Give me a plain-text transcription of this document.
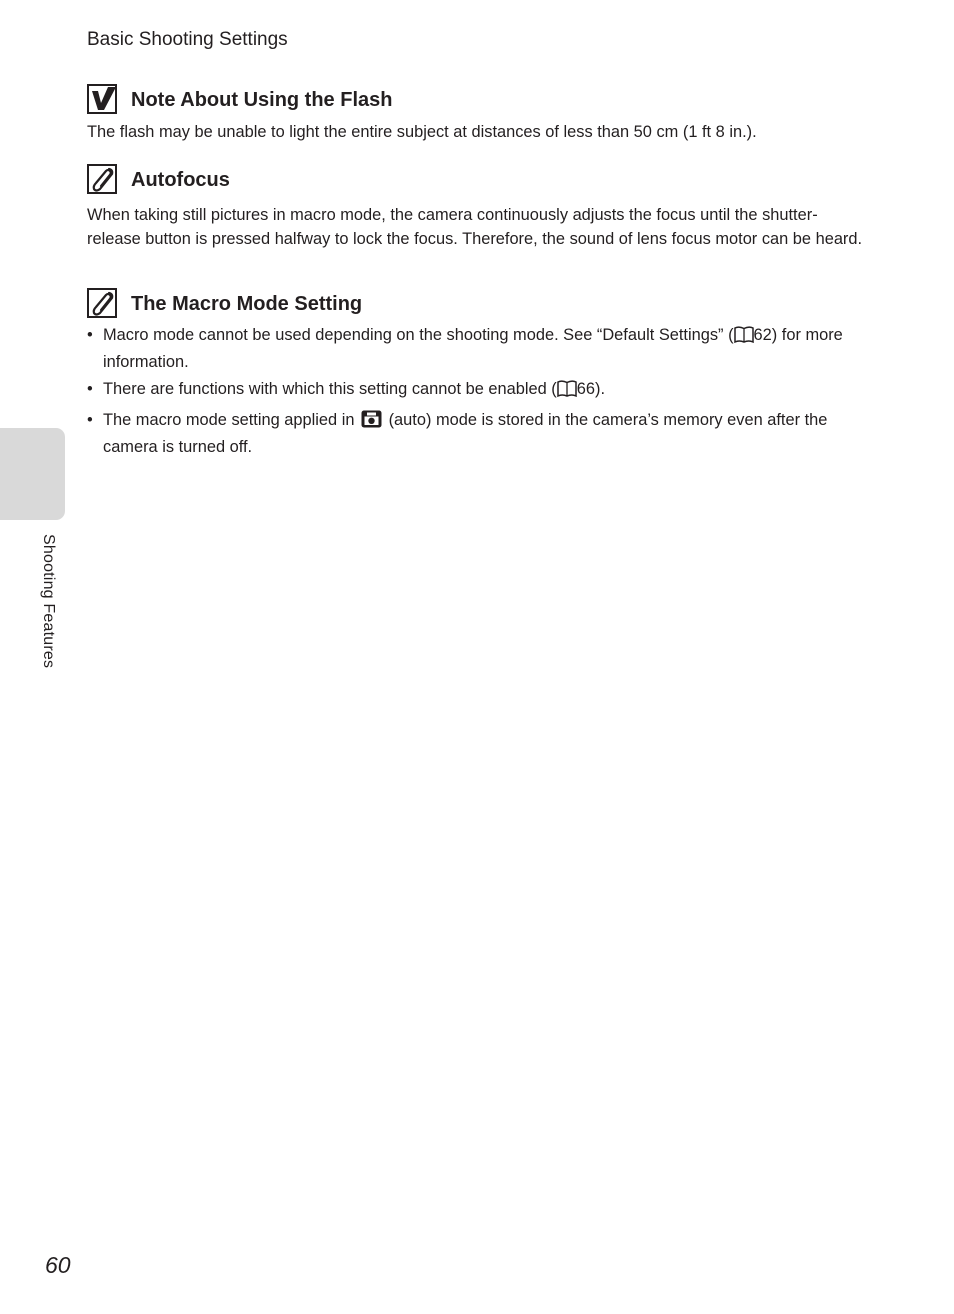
Basic Shooting Settings
Shooting Features
Note About Using the Flash

The flash may be unable to light the entire subject at distances of less than 50 cm (1 ft 8 in.).

Autofocus

When taking still pictures in macro mode, the camera continuously adjusts the focus until the shutter-release button is pressed halfway to lock the focus. Therefore, the sound of lens focus motor can be heard.

The Macro Mode Setting
• Macro mode cannot be used depending on the shooting mode. See “Default Settings” ( 62) for more information.
• There are functions with which this setting cannot be enabled ( 66).
• The macro mode setting applied in (auto) mode is stored in the camera’s memory even after the camera is turned off.
60
